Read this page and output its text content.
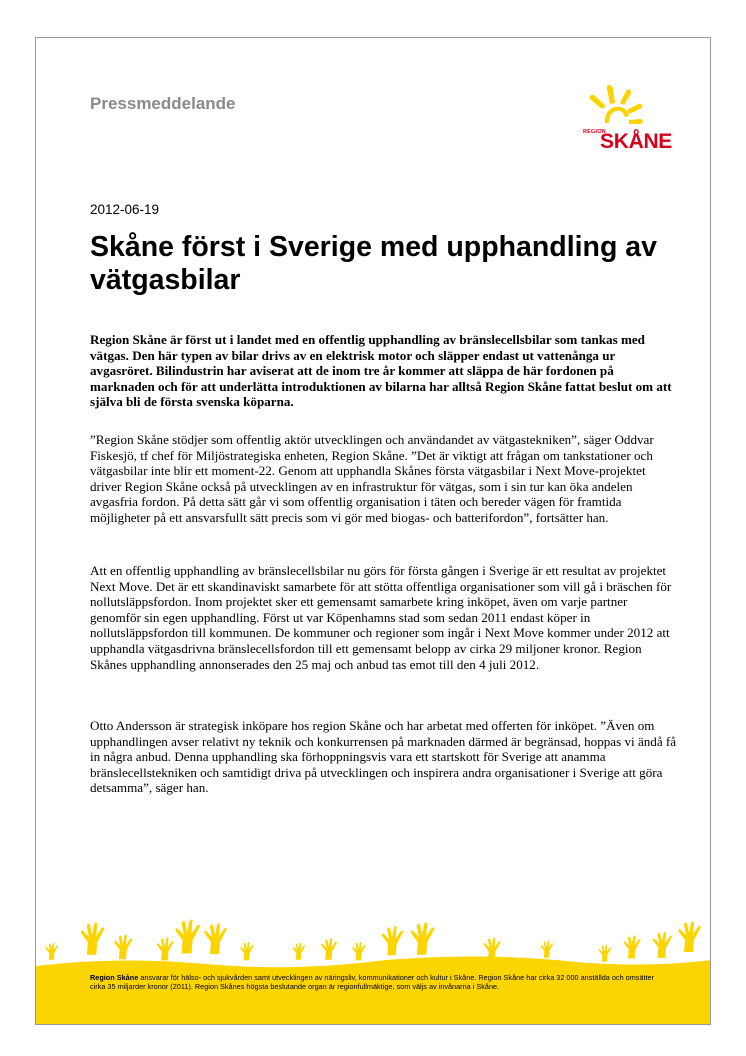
Pressmeddelande
REGION
SKÅNE
2012-06-19
Skåne först i Sverige med upphandling av vätgasbilar

Region Skåne är först ut i landet med en offentlig upphandling av bränslecellsbilar som tankas med vätgas. Den här typen av bilar drivs av en elektrisk motor och släpper endast ut vattenånga ur avgasröret. Bilindustrin har aviserat att de inom tre år kommer att släppa de här fordonen på marknaden och för att underlätta introduktionen av bilarna har alltså Region Skåne fattat beslut om att själva bli de första svenska köparna.

”Region Skåne stödjer som offentlig aktör utvecklingen och användandet av vätgastekniken”, säger Oddvar Fiskesjö, tf chef för Miljöstrategiska enheten, Region Skåne. ”Det är viktigt att frågan om tankstationer och vätgasbilar inte blir ett moment-22. Genom att upphandla Skånes första vätgasbilar i Next Move-projektet driver Region Skåne också på utvecklingen av en infrastruktur för vätgas, som i sin tur kan öka andelen avgasfria fordon. På detta sätt går vi som offentlig organisation i täten och bereder vägen för framtida möjligheter på ett ansvarsfullt sätt precis som vi gör med biogas- och batterifordon”, fortsätter han.

Att en offentlig upphandling av bränslecellsbilar nu görs för första gången i Sverige är ett resultat av projektet Next Move. Det är ett skandinaviskt samarbete för att stötta offentliga organisationer som vill gå i bräschen för nollutsläppsfordon. Inom projektet sker ett gemensamt samarbete kring inköpet, även om varje partner genomför sin egen upphandling. Först ut var Köpenhamns stad som sedan 2011 endast köper in nollutsläppsfordon till kommunen. De kommuner och regioner som ingår i Next Move kommer under 2012 att upphandla vätgasdrivna bränslecellsfordon till ett gemensamt belopp av cirka 29 miljoner kronor. Region Skånes upphandling annonserades den 25 maj och anbud tas emot till den 4 juli 2012.

Otto Andersson är strategisk inköpare hos region Skåne och har arbetat med offerten för inköpet. ”Även om upphandlingen avser relativt ny teknik och konkurrensen på marknaden därmed är begränsad, hoppas vi ändå få in några anbud. Denna upphandling ska förhoppningsvis vara ett startskott för Sverige att anamma bränslecellstekniken och samtidigt driva på utvecklingen och inspirera andra organisationer i Sverige att göra detsamma”, säger han.

Region Skåne ansvarar för hälso- och sjukvården samt utvecklingen av näringsliv, kommunikationer och kultur i Skåne. Region Skåne har cirka 32 000 anställda och omsätter cirka 35 miljarder kronor (2011). Region Skånes högsta beslutande organ är regionfullmäktige, som väljs av invånarna i Skåne.
